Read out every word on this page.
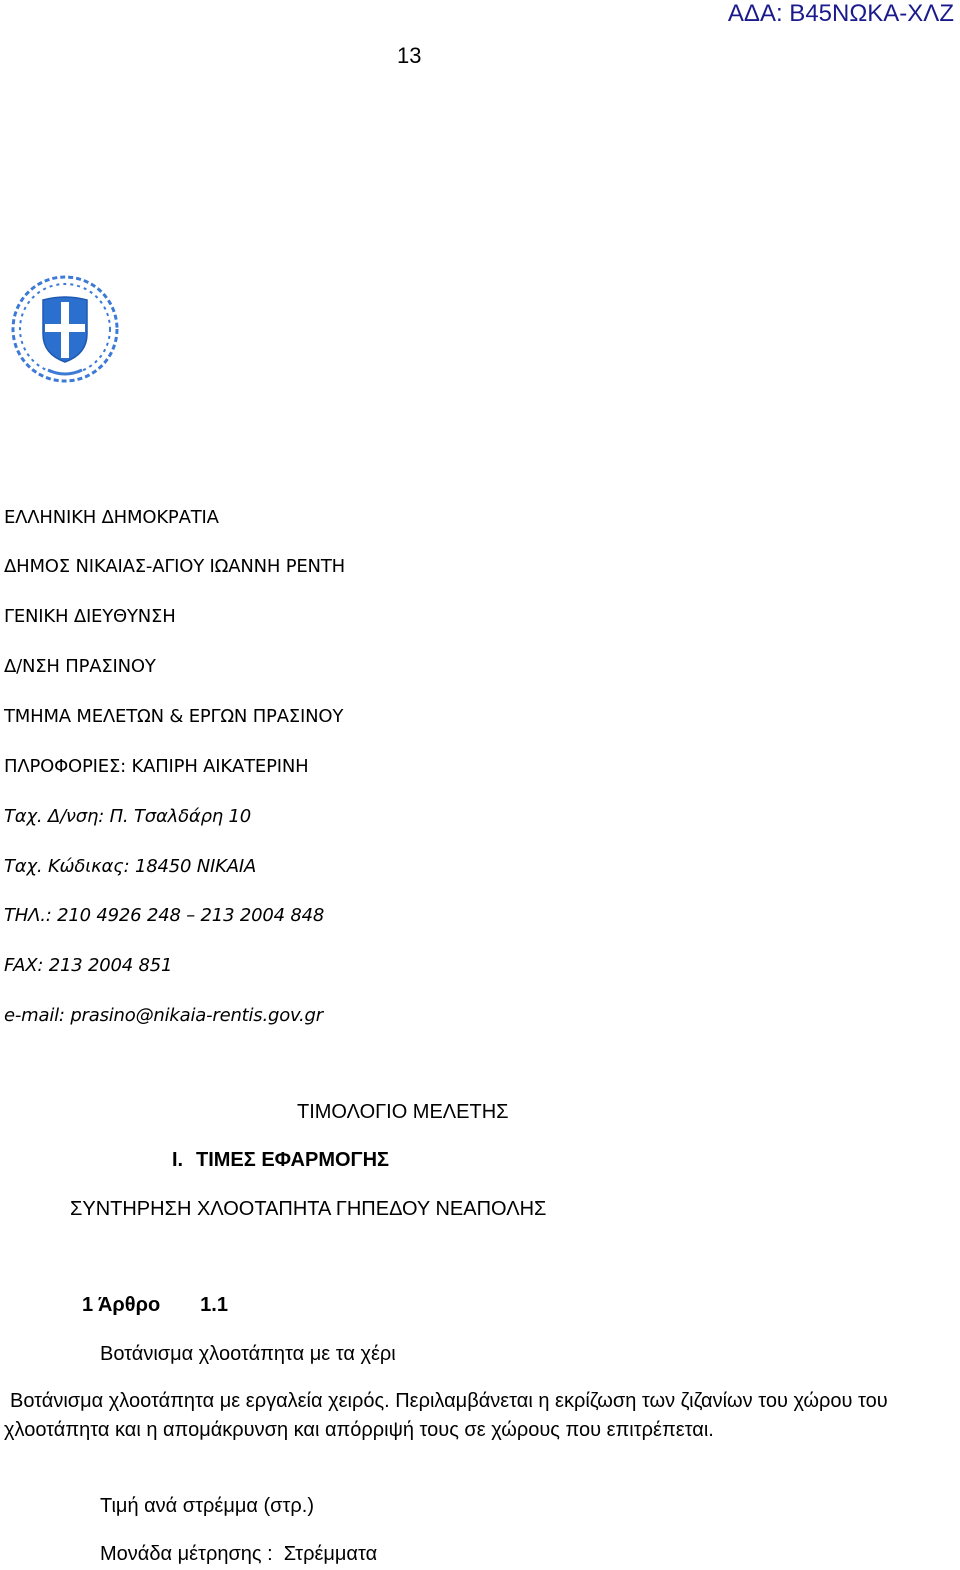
ΑΔΑ: Β45ΝΩΚΑ-ΧΛΖ
13
ΕΛΛΗΝΙΚΗ ΔΗΜΟΚΡΑΤΙΑ
ΔΗΜΟΣ ΝΙΚΑΙΑΣ-ΑΓΙΟΥ ΙΩΑΝΝΗ ΡΕΝΤΗ
ΓΕΝΙΚΗ ΔΙΕΥΘΥΝΣΗ
Δ/ΝΣΗ ΠΡΑΣΙΝΟΥ
ΤΜΗΜΑ ΜΕΛΕΤΩΝ & ΕΡΓΩΝ ΠΡΑΣΙΝΟΥ
ΠΛΡΟΦΟΡΙΕΣ: ΚΑΠΙΡΗ ΑΙΚΑΤΕΡΙΝΗ
Ταχ. Δ/νση: Π. Τσαλδάρη 10
Ταχ. Κώδικας: 18450 ΝΙΚΑΙΑ
ΤΗΛ.: 210 4926 248 – 213 2004 848
FAX: 213 2004 851
e-mail: prasino@nikaia-rentis.gov.gr
ΤΙΜΟΛΟΓΙΟ ΜΕΛΕΤΗΣ
I. ΤΙΜΕΣ ΕΦΑΡΜΟΓΗΣ
ΣΥΝΤΗΡΗΣΗ ΧΛΟΟΤΑΠΗΤΑ ΓΗΠΕΔΟΥ ΝΕΑΠΟΛΗΣ
1 Άρθρο 1.1
Βοτάνισμα χλοοτάπητα με τα χέρι
Βοτάνισμα χλοοτάπητα με εργαλεία χειρός. Περιλαμβάνεται η εκρίζωση των ζιζανίων του χώρου του χλοοτάπητα και η απομάκρυνση και απόρριψή τους σε χώρους που επιτρέπεται.
Τιμή ανά στρέμμα (στρ.)
Μονάδα μέτρησης :  Στρέμματα
